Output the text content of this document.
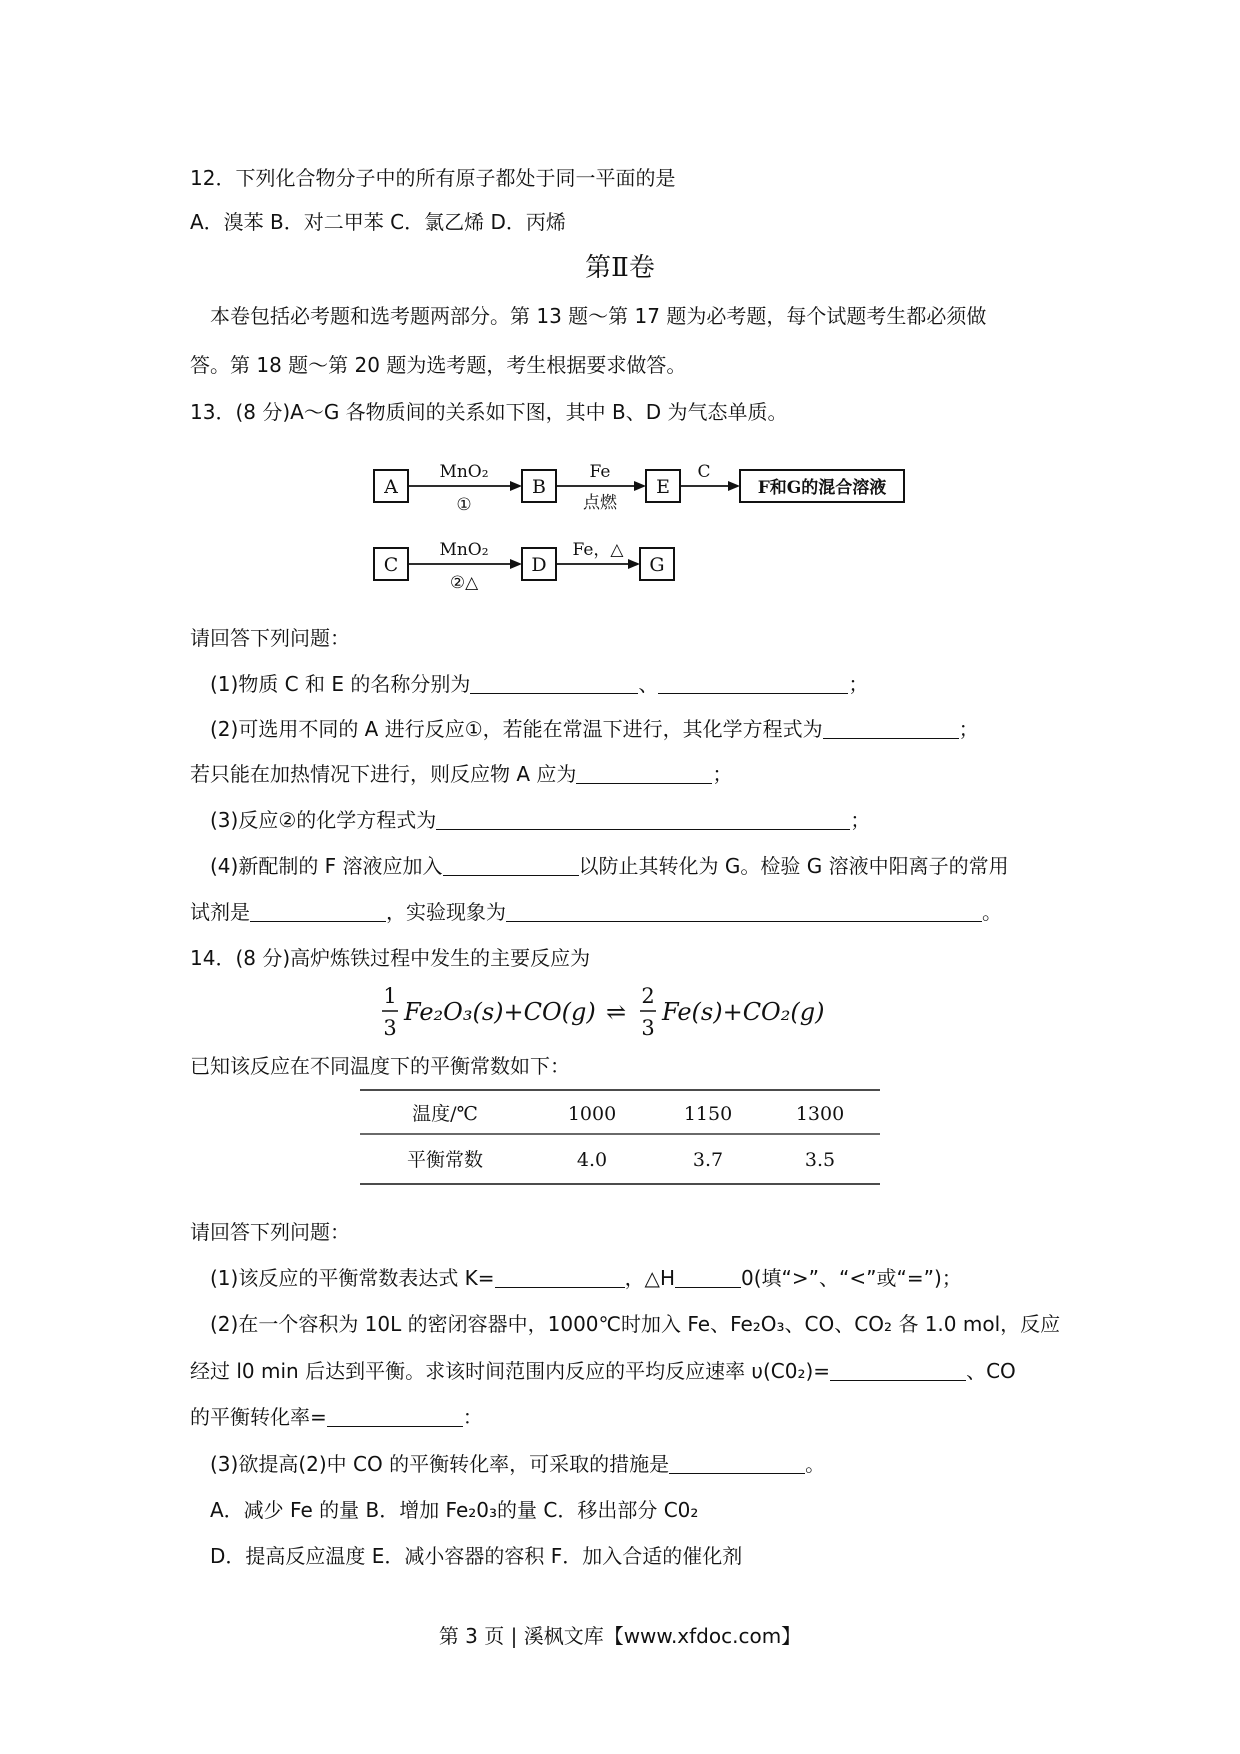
12．下列化合物分子中的所有原子都处于同一平面的是
A．溴苯 B．对二甲苯 C．氯乙烯 D．丙烯
第Ⅱ卷
本卷包括必考题和选考题两部分。第 13 题～第 17 题为必考题，每个试题考生都必须做
答。第 18 题～第 20 题为选考题，考生根据要求做答。
13．(8 分)A～G 各物质间的关系如下图，其中 B、D 为气态单质。
A
MnO₂
①
B
Fe
点燃
E
C
F和G的混合溶液
C
MnO₂
②△
D
Fe，△
G
请回答下列问题：
(1)物质 C 和 E 的名称分别为	、	；
(2)可选用不同的 A 进行反应①，若能在常温下进行，其化学方程式为	；
若只能在加热情况下进行，则反应物 A 应为	；
(3)反应②的化学方程式为	；
(4)新配制的 F 溶液应加入	以防止其转化为 G。检验 G 溶液中阳离子的常用
试剂是	，实验现象为	。
14．(8 分)高炉炼铁过程中发生的主要反应为
1
3
Fe₂O₃(s)+CO(g) ⇌
2
3
Fe(s)+CO₂(g)
已知该反应在不同温度下的平衡常数如下：
温度/℃	1000	1150	1300
平衡常数	4.0	3.7	3.5
请回答下列问题：
(1)该反应的平衡常数表达式 K=	，△H	0(填“>”、“<”或“=”)；
(2)在一个容积为 10L 的密闭容器中，1000℃时加入 Fe、Fe₂O₃、CO、CO₂ 各 1.0 mol，反应
经过 l0 min 后达到平衡。求该时间范围内反应的平均反应速率 υ(C0₂)=	、CO
的平衡转化率=	：
(3)欲提高(2)中 CO 的平衡转化率，可采取的措施是	。
A．减少 Fe 的量 B．增加 Fe₂0₃的量 C．移出部分 C0₂
D．提高反应温度 E．减小容器的容积 F．加入合适的催化剂
第 3 页 | 溪枫文库【www.xfdoc.com】
